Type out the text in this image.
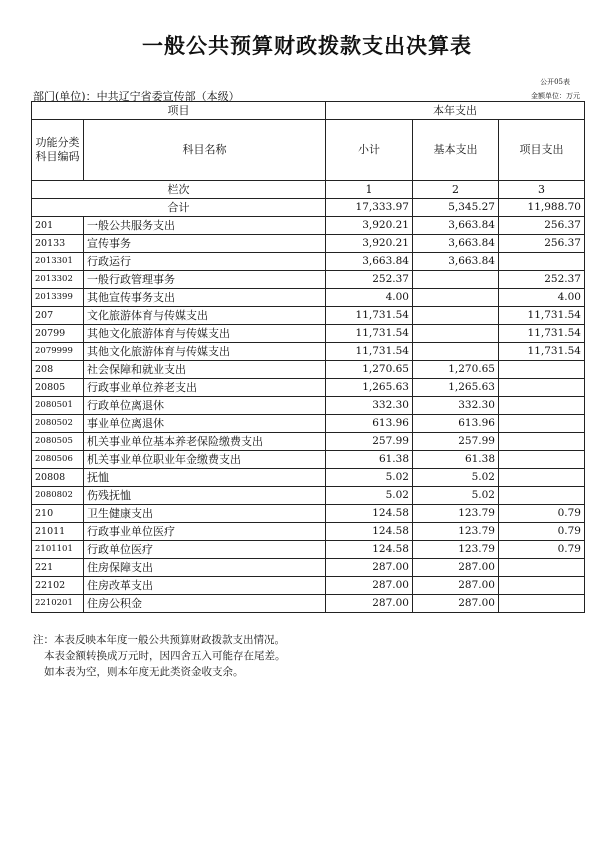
一般公共预算财政拨款支出决算表
公开05表
部门(单位)：中共辽宁省委宣传部（本级）	金额单位：万元
项目		本年支出		
功能分类科目编码	科目名称	小计	基本支出	项目支出
栏次		1	2	3
合计		17,333.97	5,345.27	11,988.70
201	一般公共服务支出	3,920.21	3,663.84	256.37
20133	宣传事务	3,920.21	3,663.84	256.37
2013301	行政运行	3,663.84	3,663.84	
2013302	一般行政管理事务	252.37		252.37
2013399	其他宣传事务支出	4.00		4.00
207	文化旅游体育与传媒支出	11,731.54		11,731.54
20799	其他文化旅游体育与传媒支出	11,731.54		11,731.54
2079999	其他文化旅游体育与传媒支出	11,731.54		11,731.54
208	社会保障和就业支出	1,270.65	1,270.65	
20805	行政事业单位养老支出	1,265.63	1,265.63	
2080501	行政单位离退休	332.30	332.30	
2080502	事业单位离退休	613.96	613.96	
2080505	机关事业单位基本养老保险缴费支出	257.99	257.99	
2080506	机关事业单位职业年金缴费支出	61.38	61.38	
20808	抚恤	5.02	5.02	
2080802	伤残抚恤	5.02	5.02	
210	卫生健康支出	124.58	123.79	0.79
21011	行政事业单位医疗	124.58	123.79	0.79
2101101	行政单位医疗	124.58	123.79	0.79
221	住房保障支出	287.00	287.00	
22102	住房改革支出	287.00	287.00	
2210201	住房公积金	287.00	287.00	
注：本表反映本年度一般公共预算财政拨款支出情况。
本表金额转换成万元时，因四舍五入可能存在尾差。
如本表为空，则本年度无此类资金收支余。
